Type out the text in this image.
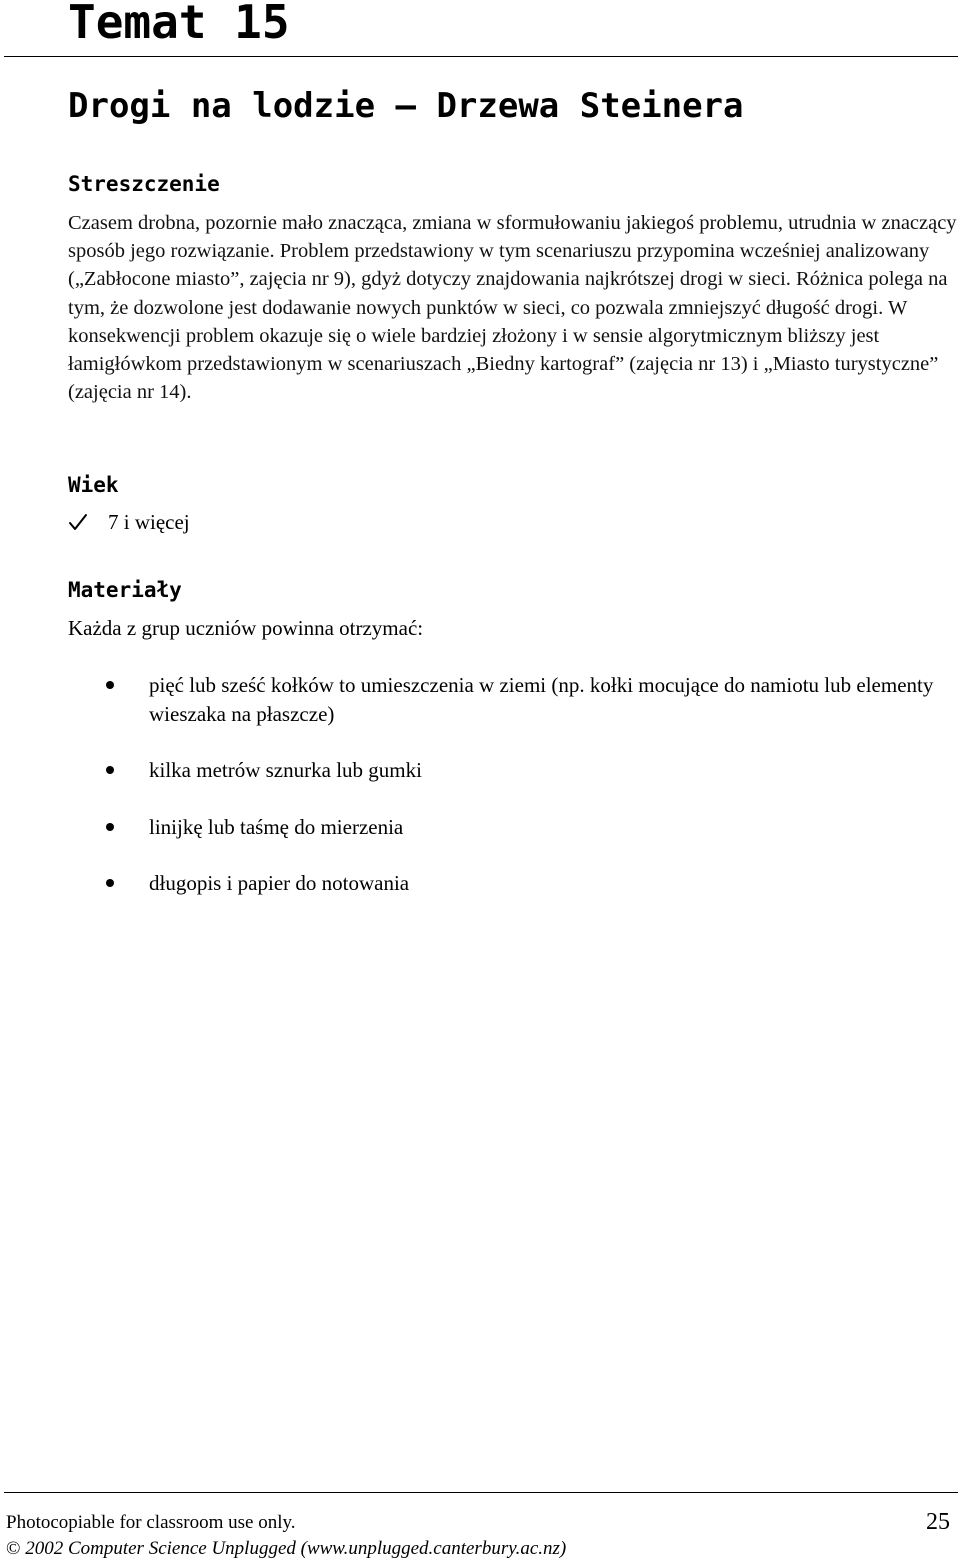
Temat 15
Drogi na lodzie — Drzewa Steinera
Streszczenie

Czasem drobna, pozornie mało znacząca, zmiana w sformułowaniu jakiegoś problemu, utrudnia w znaczący sposób jego rozwiązanie. Problem przedstawiony w tym scenariuszu przypomina wcześniej analizowany („Zabłocone miasto”, zajęcia nr 9), gdyż dotyczy znajdowania najkrótszej drogi w sieci. Różnica polega na tym, że dozwolone jest dodawanie nowych punktów w sieci, co pozwala zmniejszyć długość drogi. W konsekwencji problem okazuje się o wiele bardziej złożony i w sensie algorytmicznym bliższy jest łamigłówkom przedstawionym w scenariuszach „Biedny kartograf” (zajęcia nr 13) i „Miasto turystyczne” (zajęcia nr 14).

Wiek
7 i więcej
Materiały

Każda z grup uczniów powinna otrzymać:

pięć lub sześć kołków to umieszczenia w ziemi (np. kołki mocujące do namiotu lub elementy wieszaka na płaszcze)
kilka metrów sznurka lub gumki
linijkę lub taśmę do mierzenia
długopis i papier do notowania

Photocopiable for classroom use only.	25

© 2002 Computer Science Unplugged (www.unplugged.canterbury.ac.nz)
